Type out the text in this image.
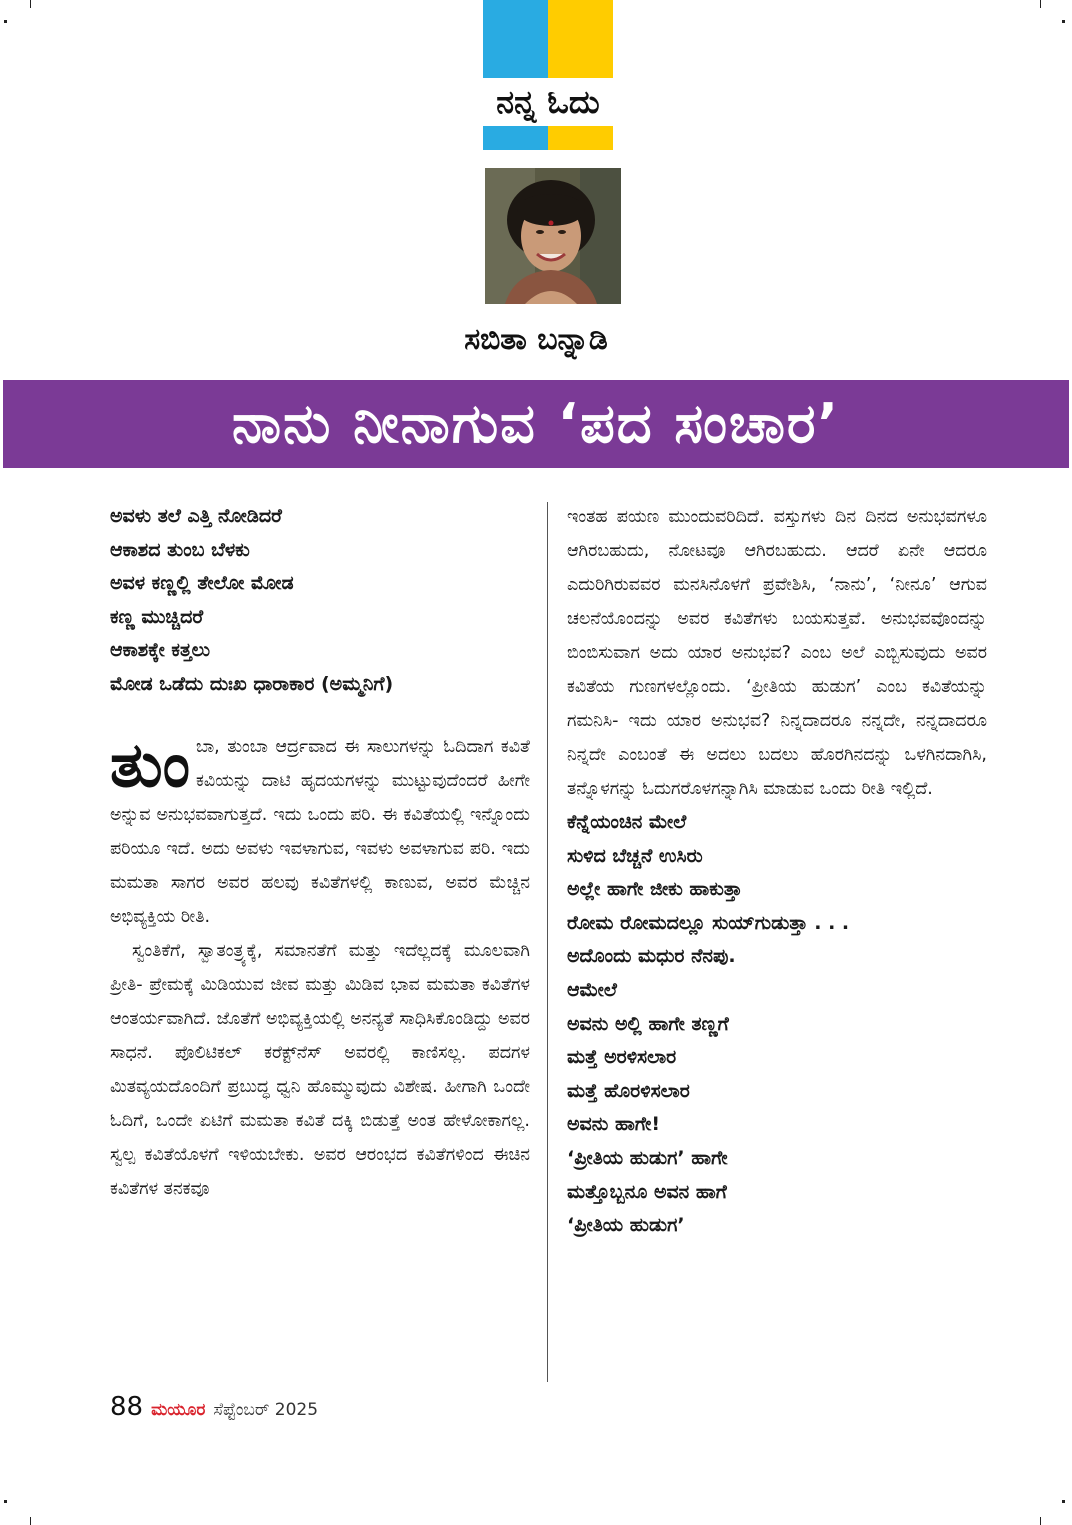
ನನ್ನ ಓದು
ಸಬಿತಾ ಬನ್ನಾಡಿ
ನಾನು ನೀನಾಗುವ ‘ಪದ ಸಂಚಾರ’
ಅವಳು ತಲೆ ಎತ್ತಿ ನೋಡಿದರೆ
ಆಕಾಶದ ತುಂಬ ಬೆಳಕು
ಅವಳ ಕಣ್ಣಲ್ಲಿ ತೇಲೋ ಮೋಡ
ಕಣ್ಣ ಮುಚ್ಚಿದರೆ
ಆಕಾಶಕ್ಕೇ ಕತ್ತಲು
ಮೋಡ ಒಡೆದು ದುಃಖ ಧಾರಾಕಾರ (ಅಮ್ಮನಿಗೆ)

ತುಂಬಾ, ತುಂಬಾ ಆರ್ದ್ರವಾದ ಈ ಸಾಲುಗಳನ್ನು ಓದಿದಾಗ ಕವಿತೆ ಕವಿಯನ್ನು ದಾಟಿ ಹೃದಯಗಳನ್ನು ಮುಟ್ಟುವುದೆಂದರೆ ಹೀಗೇ ಅನ್ನುವ ಅನುಭವವಾಗುತ್ತದೆ. ಇದು ಒಂದು ಪರಿ. ಈ ಕವಿತೆಯಲ್ಲಿ ಇನ್ನೊಂದು ಪರಿಯೂ ಇದೆ. ಅದು ಅವಳು ಇವಳಾಗುವ, ಇವಳು ಅವಳಾಗುವ ಪರಿ. ಇದು ಮಮತಾ ಸಾಗರ ಅವರ ಹಲವು ಕವಿತೆಗಳಲ್ಲಿ ಕಾಣುವ, ಅವರ ಮೆಚ್ಚಿನ ಅಭಿವ್ಯಕ್ತಿಯ ರೀತಿ.

ಸ್ವಂತಿಕೆಗೆ, ಸ್ವಾತಂತ್ರ್ಯಕ್ಕೆ, ಸಮಾನತೆಗೆ ಮತ್ತು ಇದೆಲ್ಲದಕ್ಕೆ ಮೂಲವಾಗಿ ಪ್ರೀತಿ- ಪ್ರೇಮಕ್ಕೆ ಮಿಡಿಯುವ ಜೀವ ಮತ್ತು ಮಿಡಿವ ಭಾವ ಮಮತಾ ಕವಿತೆಗಳ ಆಂತರ್ಯವಾಗಿದೆ. ಜೊತೆಗೆ ಅಭಿವ್ಯಕ್ತಿಯಲ್ಲಿ ಅನನ್ಯತೆ ಸಾಧಿಸಿಕೊಂಡಿದ್ದು ಅವರ ಸಾಧನೆ. ಪೊಲಿಟಿಕಲ್ ಕರೆಕ್ಟ್‌ನೆಸ್ ಅವರಲ್ಲಿ ಕಾಣಿಸಲ್ಲ. ಪದಗಳ ಮಿತವ್ಯಯದೊಂದಿಗೆ ಪ್ರಬುದ್ಧ ಧ್ವನಿ ಹೊಮ್ಮುವುದು ವಿಶೇಷ. ಹೀಗಾಗಿ ಒಂದೇ ಓದಿಗೆ, ಒಂದೇ ಏಟಿಗೆ ಮಮತಾ ಕವಿತೆ ದಕ್ಕಿ ಬಿಡುತ್ತೆ ಅಂತ ಹೇಳೋಕಾಗಲ್ಲ. ಸ್ವಲ್ಪ ಕವಿತೆಯೊಳಗೆ ಇಳಿಯಬೇಕು. ಅವರ ಆರಂಭದ ಕವಿತೆಗಳಿಂದ ಈಚಿನ ಕವಿತೆಗಳ ತನಕವೂ

ಇಂತಹ ಪಯಣ ಮುಂದುವರಿದಿದೆ. ವಸ್ತುಗಳು ದಿನ ದಿನದ ಅನುಭವಗಳೂ ಆಗಿರಬಹುದು, ನೋಟವೂ ಆಗಿರಬಹುದು. ಆದರೆ ಏನೇ ಆದರೂ ಎದುರಿಗಿರುವವರ ಮನಸಿನೊಳಗೆ ಪ್ರವೇಶಿಸಿ, ‘ನಾನು’, ‘ನೀನೂ’ ಆಗುವ ಚಲನೆಯೊಂದನ್ನು ಅವರ ಕವಿತೆಗಳು ಬಯಸುತ್ತವೆ. ಅನುಭವವೊಂದನ್ನು ಬಿಂಬಿಸುವಾಗ ಅದು ಯಾರ ಅನುಭವ? ಎಂಬ ಅಲೆ ಎಬ್ಬಿಸುವುದು ಅವರ ಕವಿತೆಯ ಗುಣಗಳಲ್ಲೊಂದು. ‘ಪ್ರೀತಿಯ ಹುಡುಗ’ ಎಂಬ ಕವಿತೆಯನ್ನು ಗಮನಿಸಿ- ಇದು ಯಾರ ಅನುಭವ? ನಿನ್ನದಾದರೂ ನನ್ನದೇ, ನನ್ನದಾದರೂ ನಿನ್ನದೇ ಎಂಬಂತೆ ಈ ಅದಲು ಬದಲು ಹೊರಗಿನದನ್ನು ಒಳಗಿನದಾಗಿಸಿ, ತನ್ನೊಳಗನ್ನು ಓದುಗರೊಳಗನ್ನಾಗಿಸಿ ಮಾಡುವ ಒಂದು ರೀತಿ ಇಲ್ಲಿದೆ.

ಕೆನ್ನೆಯಂಚಿನ ಮೇಲೆ
ಸುಳಿದ ಬೆಚ್ಚನೆ ಉಸಿರು
ಅಲ್ಲೇ ಹಾಗೇ ಜೀಕು ಹಾಕುತ್ತಾ
ರೋಮ ರೋಮದಲ್ಲೂ ಸುಯ್‌ಗುಡುತ್ತಾ . . .
ಅದೊಂದು ಮಧುರ ನೆನಪು.
ಆಮೇಲೆ
ಅವನು ಅಲ್ಲಿ ಹಾಗೇ ತಣ್ಣಗೆ
ಮತ್ತೆ ಅರಳಿಸಲಾರ
ಮತ್ತೆ ಹೊರಳಿಸಲಾರ
ಅವನು ಹಾಗೇ!
‘ಪ್ರೀತಿಯ ಹುಡುಗ’ ಹಾಗೇ
ಮತ್ತೊಬ್ಬನೂ ಅವನ ಹಾಗೆ
‘ಪ್ರೀತಿಯ ಹುಡುಗ’
88 ಮಯೂರ ಸೆಪ್ಟೆಂಬರ್ 2025
